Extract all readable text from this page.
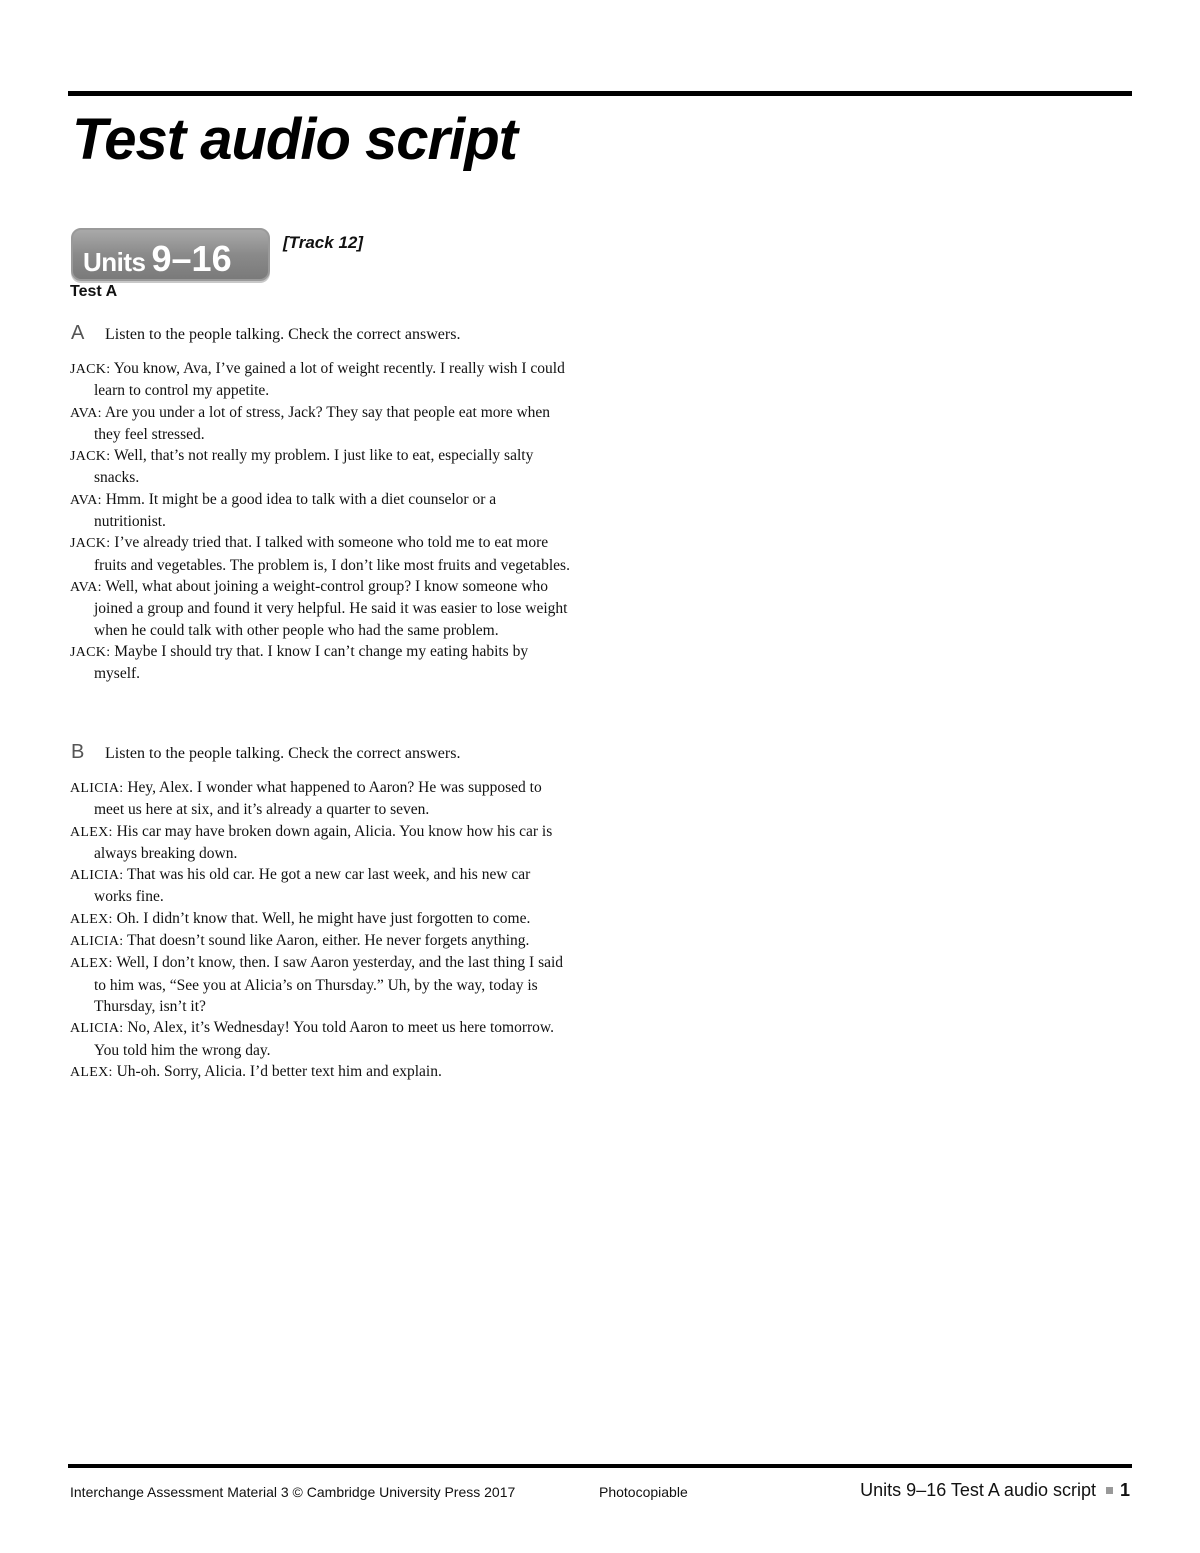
Test audio script
Units 9–16	[Track 12]
Test A
A	Listen to the people talking. Check the correct answers.
JACK: You know, Ava, I’ve gained a lot of weight recently. I really wish I could learn to control my appetite.
AVA: Are you under a lot of stress, Jack? They say that people eat more when they feel stressed.
JACK: Well, that’s not really my problem. I just like to eat, especially salty snacks.
AVA: Hmm. It might be a good idea to talk with a diet counselor or a nutritionist.
JACK: I’ve already tried that. I talked with someone who told me to eat more fruits and vegetables. The problem is, I don’t like most fruits and vegetables.
AVA: Well, what about joining a weight-control group? I know someone who joined a group and found it very helpful. He said it was easier to lose weight when he could talk with other people who had the same problem.
JACK: Maybe I should try that. I know I can’t change my eating habits by myself.
B	Listen to the people talking. Check the correct answers.
ALICIA: Hey, Alex. I wonder what happened to Aaron? He was supposed to meet us here at six, and it’s already a quarter to seven.
ALEX: His car may have broken down again, Alicia. You know how his car is always breaking down.
ALICIA: That was his old car. He got a new car last week, and his new car works fine.
ALEX: Oh. I didn’t know that. Well, he might have just forgotten to come.
ALICIA: That doesn’t sound like Aaron, either. He never forgets anything.
ALEX: Well, I don’t know, then. I saw Aaron yesterday, and the last thing I said to him was, “See you at Alicia’s on Thursday.” Uh, by the way, today is Thursday, isn’t it?
ALICIA: No, Alex, it’s Wednesday! You told Aaron to meet us here tomorrow. You told him the wrong day.
ALEX: Uh-oh. Sorry, Alicia. I’d better text him and explain.
Interchange Assessment Material 3 © Cambridge University Press 2017	Photocopiable	Units 9–16 Test A audio script 1
